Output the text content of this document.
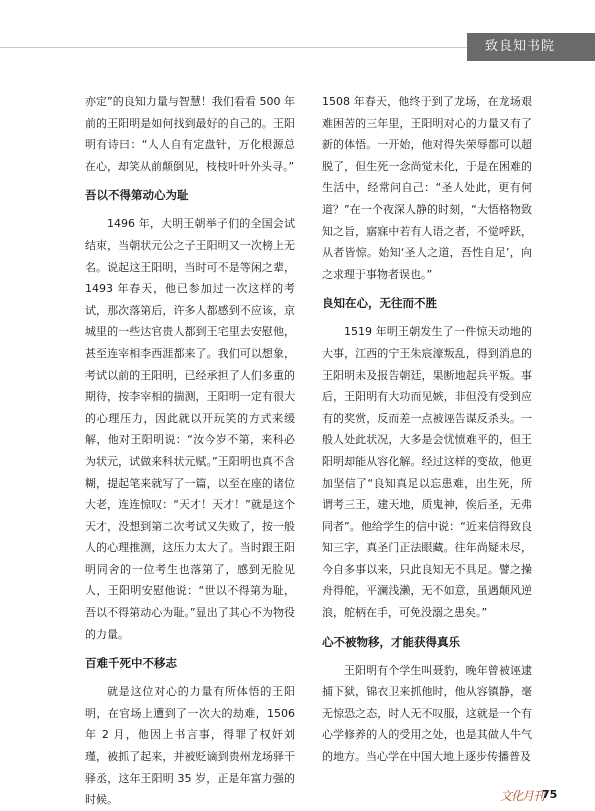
致良知书院

亦定”的良知力量与智慧！我们看看 500 年前的王阳明是如何找到最好的自己的。王阳明有诗曰：“人人自有定盘针，万化根源总在心，却笑从前颠倒见，枝枝叶叶外头寻。”

吾以不得第动心为耻

1496 年，大明王朝举子们的全国会试结束，当朝状元公之子王阳明又一次榜上无名。说起这王阳明，当时可不是等闲之辈，1493 年春天，他已参加过一次这样的考试，那次落第后，许多人都感到不应该，京城里的一些达官贵人都到王宅里去安慰他，甚至连宰相李西涯都来了。我们可以想象，考试以前的王阳明，已经承担了人们多重的期待，按李宰相的揣测，王阳明一定有很大的心理压力，因此就以开玩笑的方式来缓解，他对王阳明说：“汝今岁不第，来科必为状元，试做来科状元赋。”王阳明也真不含糊，提起笔来就写了一篇，以至在座的诸位大老，连连惊叹：“天才！天才！”就是这个天才，没想到第二次考试又失败了，按一般人的心理推测，这压力太大了。当时跟王阳明同舍的一位考生也落第了，感到无脸见人，王阳明安慰他说：“世以不得第为耻，吾以不得第动心为耻。”显出了其心不为物役的力量。

百难千死中不移志

就是这位对心的力量有所体悟的王阳明，在官场上遭到了一次大的劫难，1506 年 2 月，他因上书言事，得罪了权奸刘瑾，被抓了起来，并被贬谪到贵州龙场驿干驿丞，这年王阳明 35 岁，正是年富力强的时候。

1508 年春天，他终于到了龙场，在龙场艰难困苦的三年里，王阳明对心的力量又有了新的体悟。一开始，他对得失荣辱都可以超脱了，但生死一念尚觉未化，于是在困难的生活中，经常问自己：“圣人处此，更有何道？”在一个夜深人静的时刻，“大悟格物致知之旨，寤寐中若有人语之者，不觉呼跃，从者皆惊。始知‘圣人之道，吾性自足’，向之求理于事物者误也。”

良知在心，无往而不胜

1519 年明王朝发生了一件惊天动地的大事，江西的宁王朱宸濠叛乱，得到消息的王阳明未及报告朝廷，果断地起兵平叛。事后，王阳明有大功而见嫉，非但没有受到应有的奖赏，反而差一点被诬告谋反杀头。一般人处此状况，大多是会忧愤难平的，但王阳明却能从容化解。经过这样的变故，他更加坚信了“良知真足以忘患难，出生死，所谓考三王，建天地，质鬼神，俟后圣，无弗同者”。他给学生的信中说：“近来信得致良知三字，真圣门正法眼藏。往年尚疑未尽，今自多事以来，只此良知无不具足。譬之操舟得舵，平澜浅濑，无不如意，虽遇颠风逆浪，舵柄在手，可免没溺之患矣。”

心不被物移，才能获得真乐

王阳明有个学生叫聂豹，晚年曾被诬逮捕下狱，锦衣卫来抓他时，他从容镇静，毫无惊恐之态，时人无不叹服，这就是一个有心学修养的人的受用之处，也是其做人牛气的地方。当心学在中国大地上逐步传播普及

文化月刊
75
